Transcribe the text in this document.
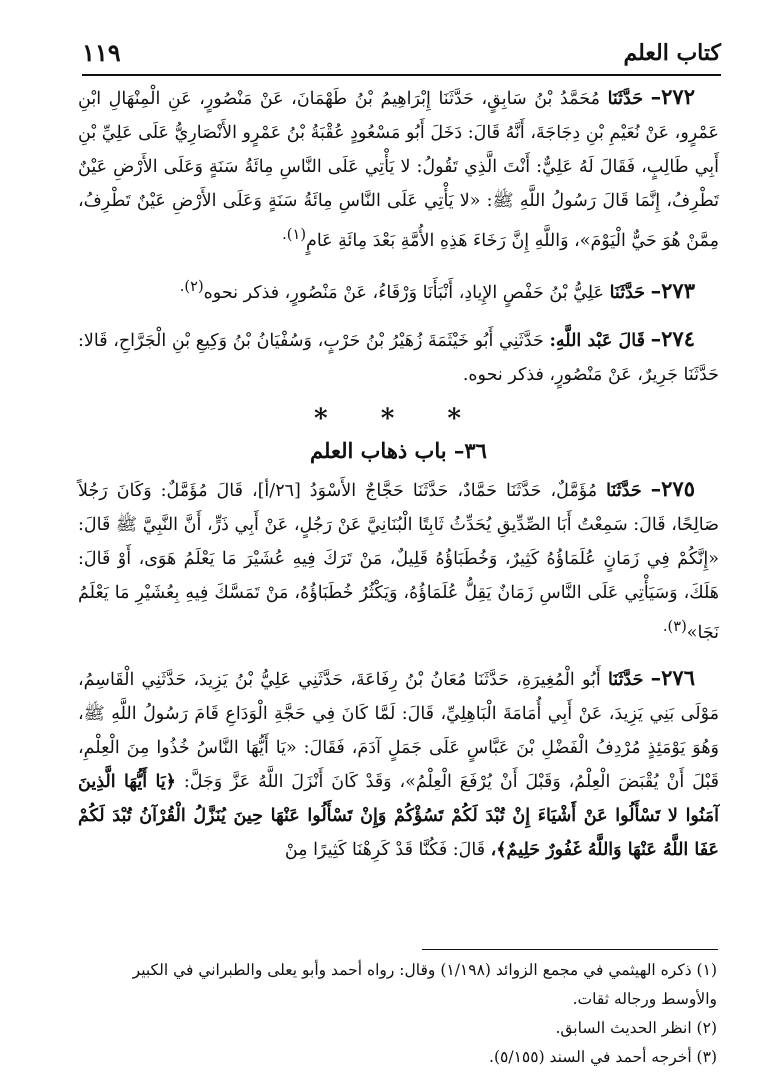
كتاب العلم
١١٩

٢٧٢– حَدَّثَنَا مُحَمَّدُ بْنُ سَابِقٍ، حَدَّثَنَا إِبْرَاهِيمُ بْنُ طَهْمَانَ، عَنْ مَنْصُورٍ، عَنِ الْمِنْهَالِ ابْنِ عَمْرٍو، عَنْ نُعَيْمِ بْنِ دِجَاجَةَ، أَنَّهُ قَالَ: دَخَلَ أَبُو مَسْعُودٍ عُقْبَةُ بْنُ عَمْرٍو الأَنْصَارِيُّ عَلَى عَلِيِّ بْنِ أَبِي طَالِبٍ، فَقَالَ لَهُ عَلِيٌّ: أَنْتَ الَّذِي تَقُولُ: لا يَأْتِي عَلَى النَّاسِ مِائَةُ سَنَةٍ وَعَلَى الأَرْضِ عَيْنٌ تَطْرِفُ، إِنَّمَا قَالَ رَسُولُ اللَّهِ ﷺ: «لا يَأْتِي عَلَى النَّاسِ مِائَةُ سَنَةٍ وَعَلَى الأَرْضِ عَيْنٌ تَطْرِفُ، مِمَّنْ هُوَ حَيٌّ الْيَوْمَ»، وَاللَّهِ إِنَّ رَخَاءَ هَذِهِ الأُمَّةِ بَعْدَ مِائَةِ عَامٍ$^{(١).}$

٢٧٣– حَدَّثَنَا عَلِيُّ بْنُ حَفْصٍ الإِيادِ، أَنْبَأَنَا وَرْقَاءُ، عَنْ مَنْصُورٍ، فذكر نحوه$^{(٢).}$

٢٧٤– قَالَ عَبْد اللَّهِ: حَدَّثَنِي أَبُو خَيْثَمَةَ زُهَيْرُ بْنُ حَرْبٍ، وَسُفْيَانُ بْنُ وَكِيعِ بْنِ الْجَرَّاحِ، قَالا: حَدَّثَنَا جَرِيرٌ، عَنْ مَنْصُورٍ، فذكر نحوه.

* * *

٣٦– باب ذهاب العلم

٢٧٥– حَدَّثَنَا مُؤَمَّلٌ، حَدَّثَنَا حَمَّادٌ، حَدَّثَنَا حَجَّاجٌ الأَسْوَدُ [٢٦/أ]، قَالَ مُؤَمَّلٌ: وَكَانَ رَجُلاً صَالِحًا، قَالَ: سَمِعْتُ أَبَا الصِّدِّيقِ يُحَدِّثُ ثَابِتًا الْبُنَانِيَّ عَنْ رَجُلٍ، عَنْ أَبِي ذَرٍّ، أَنَّ النَّبِيَّ ﷺ قَالَ: «إِنَّكُمْ فِي زَمَانٍ عُلَمَاؤُهُ كَثِيرٌ، وَخُطَبَاؤُهُ قَلِيلٌ، مَنْ تَرَكَ فِيهِ عُشَيْرَ مَا يَعْلَمُ هَوَى، أَوْ قَالَ: هَلَكَ، وَسَيَأْتِي عَلَى النَّاسِ زَمَانٌ يَقِلُّ عُلَمَاؤُهُ، وَيَكْثُرُ خُطَبَاؤُهُ، مَنْ تَمَسَّكَ فِيهِ بِعُشَيْرِ مَا يَعْلَمُ نَجَا»$^{(٣).}$

٢٧٦– حَدَّثَنَا أَبُو الْمُغِيرَةِ، حَدَّثَنَا مُعَانُ بْنُ رِفَاعَةَ، حَدَّثَنِي عَلِيُّ بْنُ يَزِيدَ، حَدَّثَنِي الْقَاسِمُ، مَوْلَى بَنِي يَزِيدَ، عَنْ أَبِي أُمَامَةَ الْبَاهِلِيِّ، قَالَ: لَمَّا كَانَ فِي حَجَّةِ الْوَدَاعِ قَامَ رَسُولُ اللَّهِ ﷺ، وَهُوَ يَوْمَئِذٍ مُرْدِفُ الْفَضْلِ بْنَ عَبَّاسٍ عَلَى جَمَلٍ آدَمَ، فَقَالَ: «يَا أَيُّهَا النَّاسُ خُذُوا مِنَ الْعِلْمِ، قَبْلَ أَنْ يُقْبَضَ الْعِلْمُ، وَقَبْلَ أَنْ يُرْفَعَ الْعِلْمُ»، وَقَدْ كَانَ أَنْزَلَ اللَّهُ عَزَّ وَجَلَّ: ﴿يَا أَيُّهَا الَّذِينَ آمَنُوا لا تَسْأَلُوا عَنْ أَشْيَاءَ إِنْ تُبْدَ لَكُمْ تَسُؤْكُمْ وَإِنْ تَسْأَلُوا عَنْهَا حِينَ يُنَزَّلُ الْقُرْآنُ تُبْدَ لَكُمْ عَفَا اللَّهُ عَنْهَا وَاللَّهُ غَفُورٌ حَلِيمٌ﴾، قَالَ: فَكُنَّا قَدْ كَرِهْنَا كَثِيرًا مِنْ

(١) ذكره الهيثمي في مجمع الزوائد (١/١٩٨) وقال: رواه أحمد وأبو يعلى والطبراني في الكبير والأوسط ورجاله ثقات.
(٢) انظر الحديث السابق.
(٣) أخرجه أحمد في السند (٥/١٥٥).
